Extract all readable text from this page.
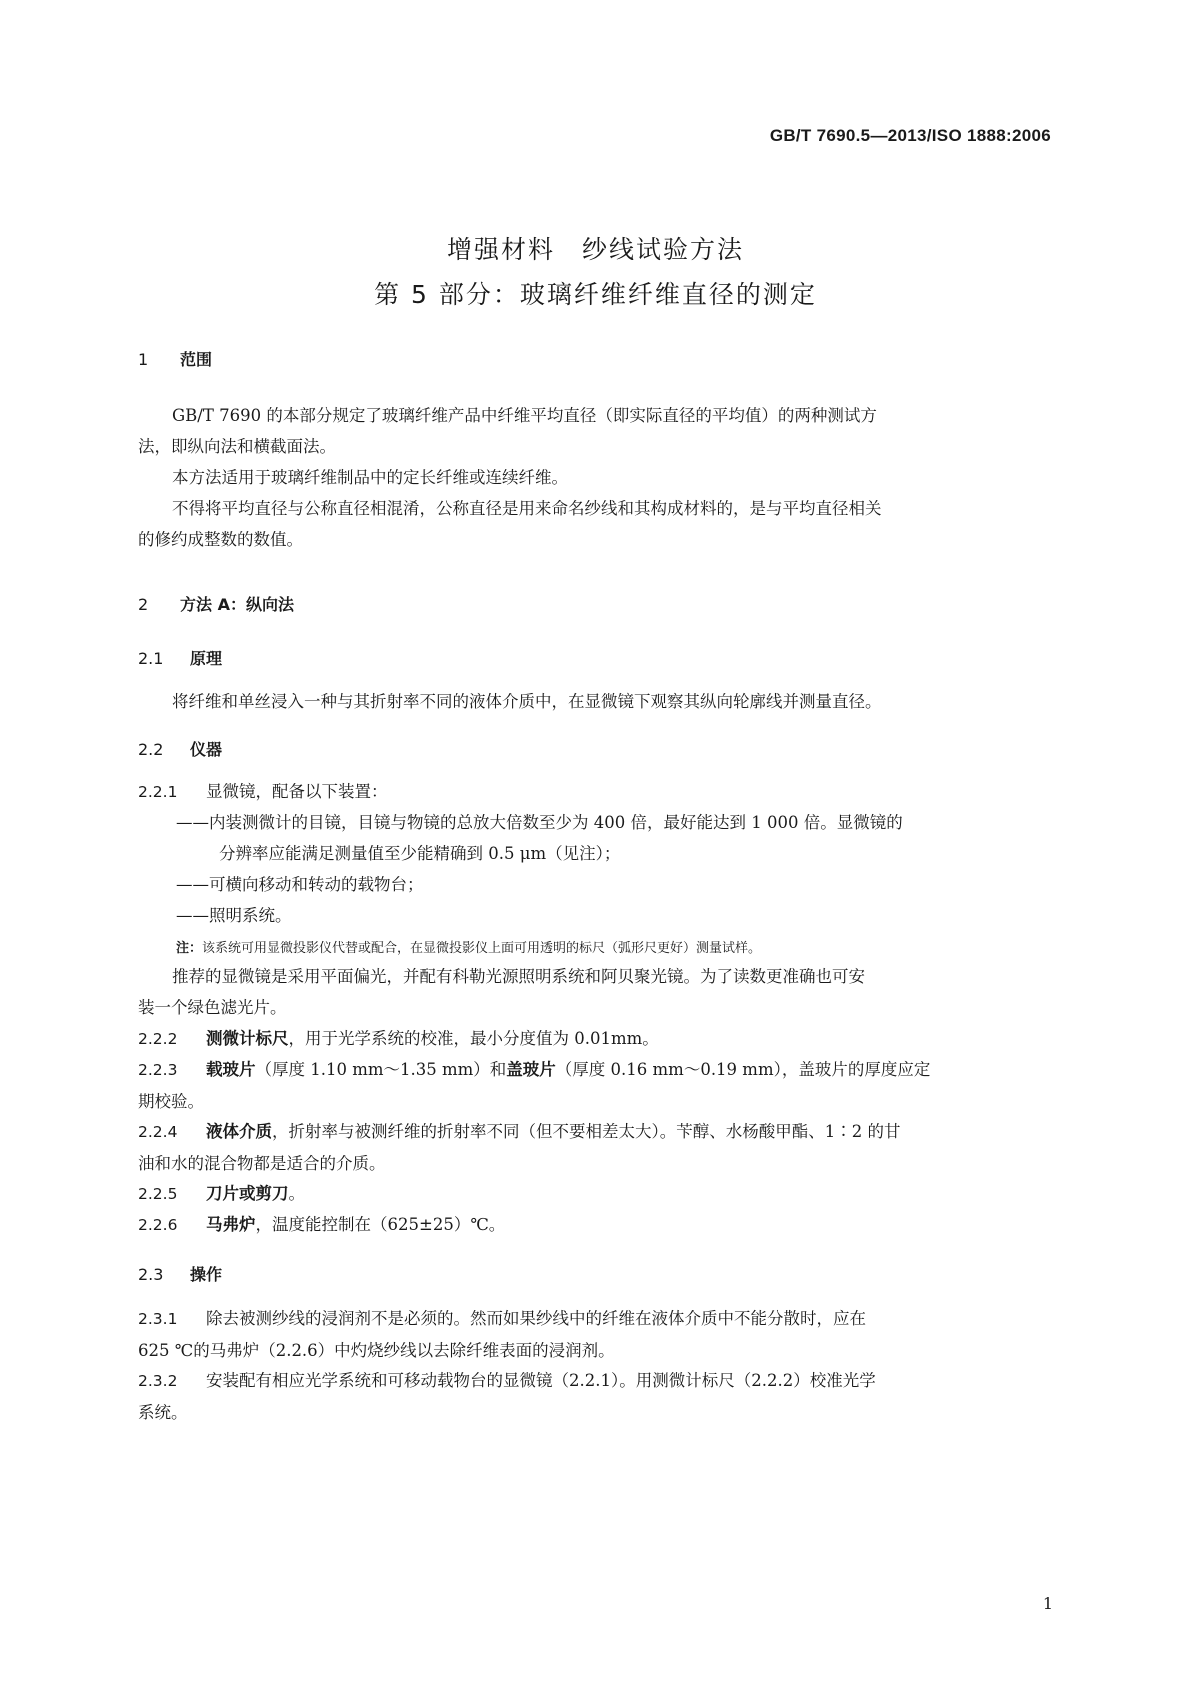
GB/T 7690.5—2013/ISO 1888:2006
增强材料　纱线试验方法
第 5 部分：玻璃纤维纤维直径的测定
1 范围
GB/T 7690 的本部分规定了玻璃纤维产品中纤维平均直径（即实际直径的平均值）的两种测试方
法，即纵向法和横截面法。
本方法适用于玻璃纤维制品中的定长纤维或连续纤维。
不得将平均直径与公称直径相混淆，公称直径是用来命名纱线和其构成材料的，是与平均直径相关
的修约成整数的数值。
2 方法 A：纵向法
2.1 原理
将纤维和单丝浸入一种与其折射率不同的液体介质中，在显微镜下观察其纵向轮廓线并测量直径。
2.2 仪器
2.2.1 显微镜，配备以下装置：
——内装测微计的目镜，目镜与物镜的总放大倍数至少为 400 倍，最好能达到 1 000 倍。显微镜的
分辨率应能满足测量值至少能精确到 0.5 μm（见注）；
——可横向移动和转动的载物台；
——照明系统。
注：该系统可用显微投影仪代替或配合，在显微投影仪上面可用透明的标尺（弧形尺更好）测量试样。
推荐的显微镜是采用平面偏光，并配有科勒光源照明系统和阿贝聚光镜。为了读数更准确也可安
装一个绿色滤光片。
2.2.2 测微计标尺，用于光学系统的校准，最小分度值为 0.01mm。
2.2.3 载玻片（厚度 1.10 mm～1.35 mm）和盖玻片（厚度 0.16 mm～0.19 mm），盖玻片的厚度应定
期校验。
2.2.4 液体介质，折射率与被测纤维的折射率不同（但不要相差太大）。苄醇、水杨酸甲酯、1∶2 的甘
油和水的混合物都是适合的介质。
2.2.5 刀片或剪刀。
2.2.6 马弗炉，温度能控制在（625±25）℃。
2.3 操作
2.3.1 除去被测纱线的浸润剂不是必须的。然而如果纱线中的纤维在液体介质中不能分散时，应在
625 ℃的马弗炉（2.2.6）中灼烧纱线以去除纤维表面的浸润剂。
2.3.2 安装配有相应光学系统和可移动载物台的显微镜（2.2.1）。用测微计标尺（2.2.2）校准光学
系统。
1
